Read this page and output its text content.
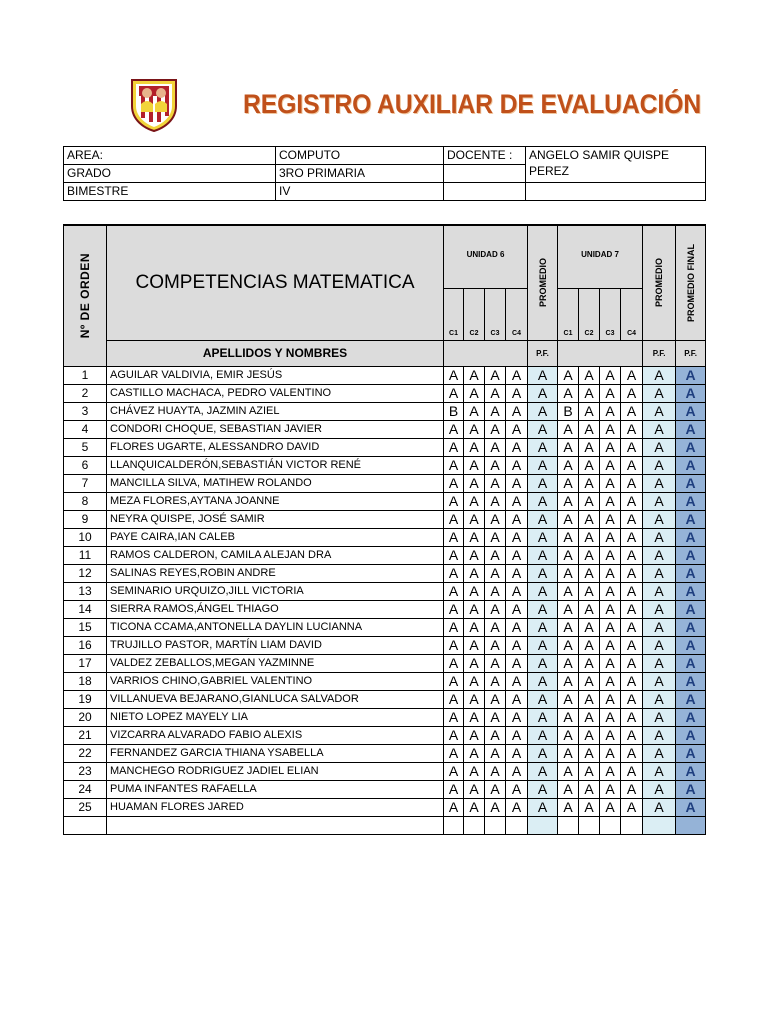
REGISTRO AUXILIAR DE EVALUACIÓN
AREA:	COMPUTO	DOCENTE :	ANGELO SAMIR QUISPE PEREZ
GRADO	3RO PRIMARIA		
BIMESTRE	IV		
Nº DE ORDEN	COMPETENCIAS MATEMATICA	UNIDAD 6				PROMEDIO	UNIDAD 7				PROMEDIO	PROMEDIO FINAL

		C1	C2	C3	C4		C1	C2	C3	C4		
	APELLIDOS Y NOMBRES					P.F.					P.F.	P.F.
1	AGUILAR VALDIVIA, EMIR JESÚS	A	A	A	A	A	A	A	A	A	A	A
2	CASTILLO MACHACA, PEDRO VALENTINO	A	A	A	A	A	A	A	A	A	A	A
3	CHÁVEZ HUAYTA, JAZMIN AZIEL	B	A	A	A	A	B	A	A	A	A	A
4	CONDORI CHOQUE, SEBASTIAN JAVIER	A	A	A	A	A	A	A	A	A	A	A
5	FLORES UGARTE, ALESSANDRO DAVID	A	A	A	A	A	A	A	A	A	A	A
6	LLANQUICALDERÓN,SEBASTIÁN VICTOR RENÉ	A	A	A	A	A	A	A	A	A	A	A
7	MANCILLA SILVA, MATIHEW ROLANDO	A	A	A	A	A	A	A	A	A	A	A
8	MEZA FLORES,AYTANA JOANNE	A	A	A	A	A	A	A	A	A	A	A
9	NEYRA QUISPE, JOSÉ SAMIR	A	A	A	A	A	A	A	A	A	A	A
10	PAYE CAIRA,IAN CALEB	A	A	A	A	A	A	A	A	A	A	A
11	RAMOS CALDERON, CAMILA ALEJAN DRA	A	A	A	A	A	A	A	A	A	A	A
12	SALINAS REYES,ROBIN ANDRE	A	A	A	A	A	A	A	A	A	A	A
13	SEMINARIO URQUIZO,JILL VICTORIA	A	A	A	A	A	A	A	A	A	A	A
14	SIERRA RAMOS,ÁNGEL THIAGO	A	A	A	A	A	A	A	A	A	A	A
15	TICONA CCAMA,ANTONELLA DAYLIN LUCIANNA	A	A	A	A	A	A	A	A	A	A	A
16	TRUJILLO PASTOR, MARTÍN LIAM DAVID	A	A	A	A	A	A	A	A	A	A	A
17	VALDEZ ZEBALLOS,MEGAN YAZMINNE	A	A	A	A	A	A	A	A	A	A	A
18	VARRIOS CHINO,GABRIEL VALENTINO	A	A	A	A	A	A	A	A	A	A	A
19	VILLANUEVA BEJARANO,GIANLUCA SALVADOR	A	A	A	A	A	A	A	A	A	A	A
20	NIETO LOPEZ MAYELY LIA	A	A	A	A	A	A	A	A	A	A	A
21	VIZCARRA ALVARADO FABIO ALEXIS	A	A	A	A	A	A	A	A	A	A	A
22	FERNANDEZ GARCIA THIANA YSABELLA	A	A	A	A	A	A	A	A	A	A	A
23	MANCHEGO RODRIGUEZ JADIEL ELIAN	A	A	A	A	A	A	A	A	A	A	A
24	PUMA INFANTES RAFAELLA	A	A	A	A	A	A	A	A	A	A	A
25	HUAMAN FLORES JARED	A	A	A	A	A	A	A	A	A	A	A
